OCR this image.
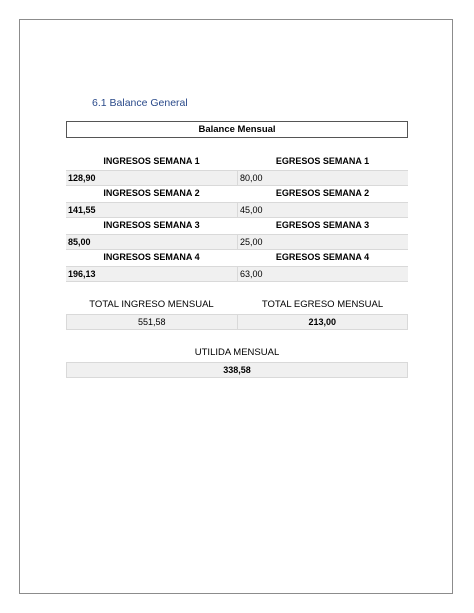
6.1 Balance General
Balance Mensual
INGRESOS SEMANA 1	EGRESOS SEMANA 1
128,90	80,00
INGRESOS SEMANA 2	EGRESOS SEMANA 2
141,55	45,00
INGRESOS SEMANA 3	EGRESOS SEMANA 3
85,00	25,00
INGRESOS SEMANA 4	EGRESOS SEMANA 4
196,13	63,00
TOTAL INGRESO MENSUAL	TOTAL EGRESO MENSUAL
551,58	213,00
UTILIDA MENSUAL
338,58
